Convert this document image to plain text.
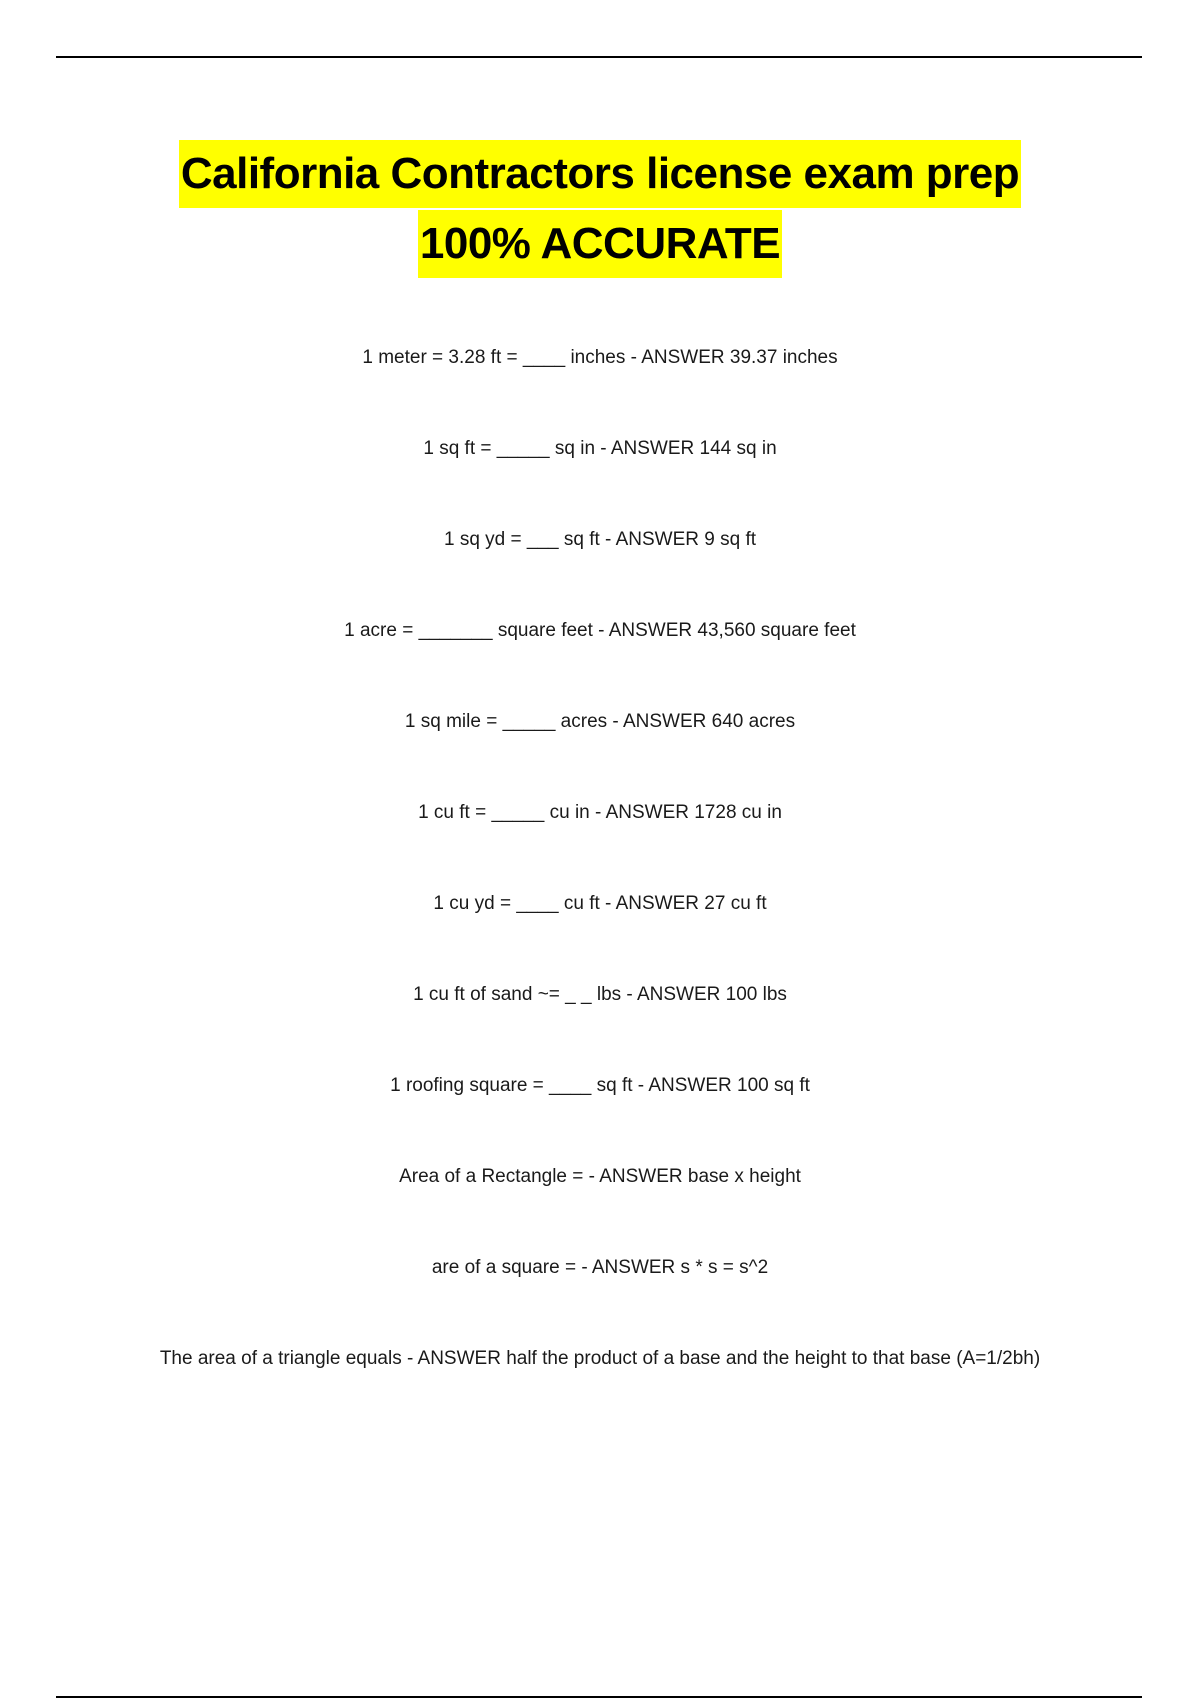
California Contractors license exam prep
100% ACCURATE
1 meter = 3.28 ft = ____ inches - ANSWER 39.37 inches
1 sq ft = _____ sq in - ANSWER 144 sq in
1 sq yd = ___ sq ft - ANSWER 9 sq ft
1 acre = _______ square feet - ANSWER 43,560 square feet
1 sq mile = _____ acres - ANSWER 640 acres
1 cu ft = _____ cu in - ANSWER 1728 cu in
1 cu yd = ____ cu ft - ANSWER 27 cu ft
1 cu ft of sand ~= _ _ lbs - ANSWER 100 lbs
1 roofing square = ____ sq ft - ANSWER 100 sq ft
Area of a Rectangle = - ANSWER base x height
are of a square = - ANSWER s * s = s^2
The area of a triangle equals - ANSWER half the product of a base and the height to that base (A=1/2bh)
